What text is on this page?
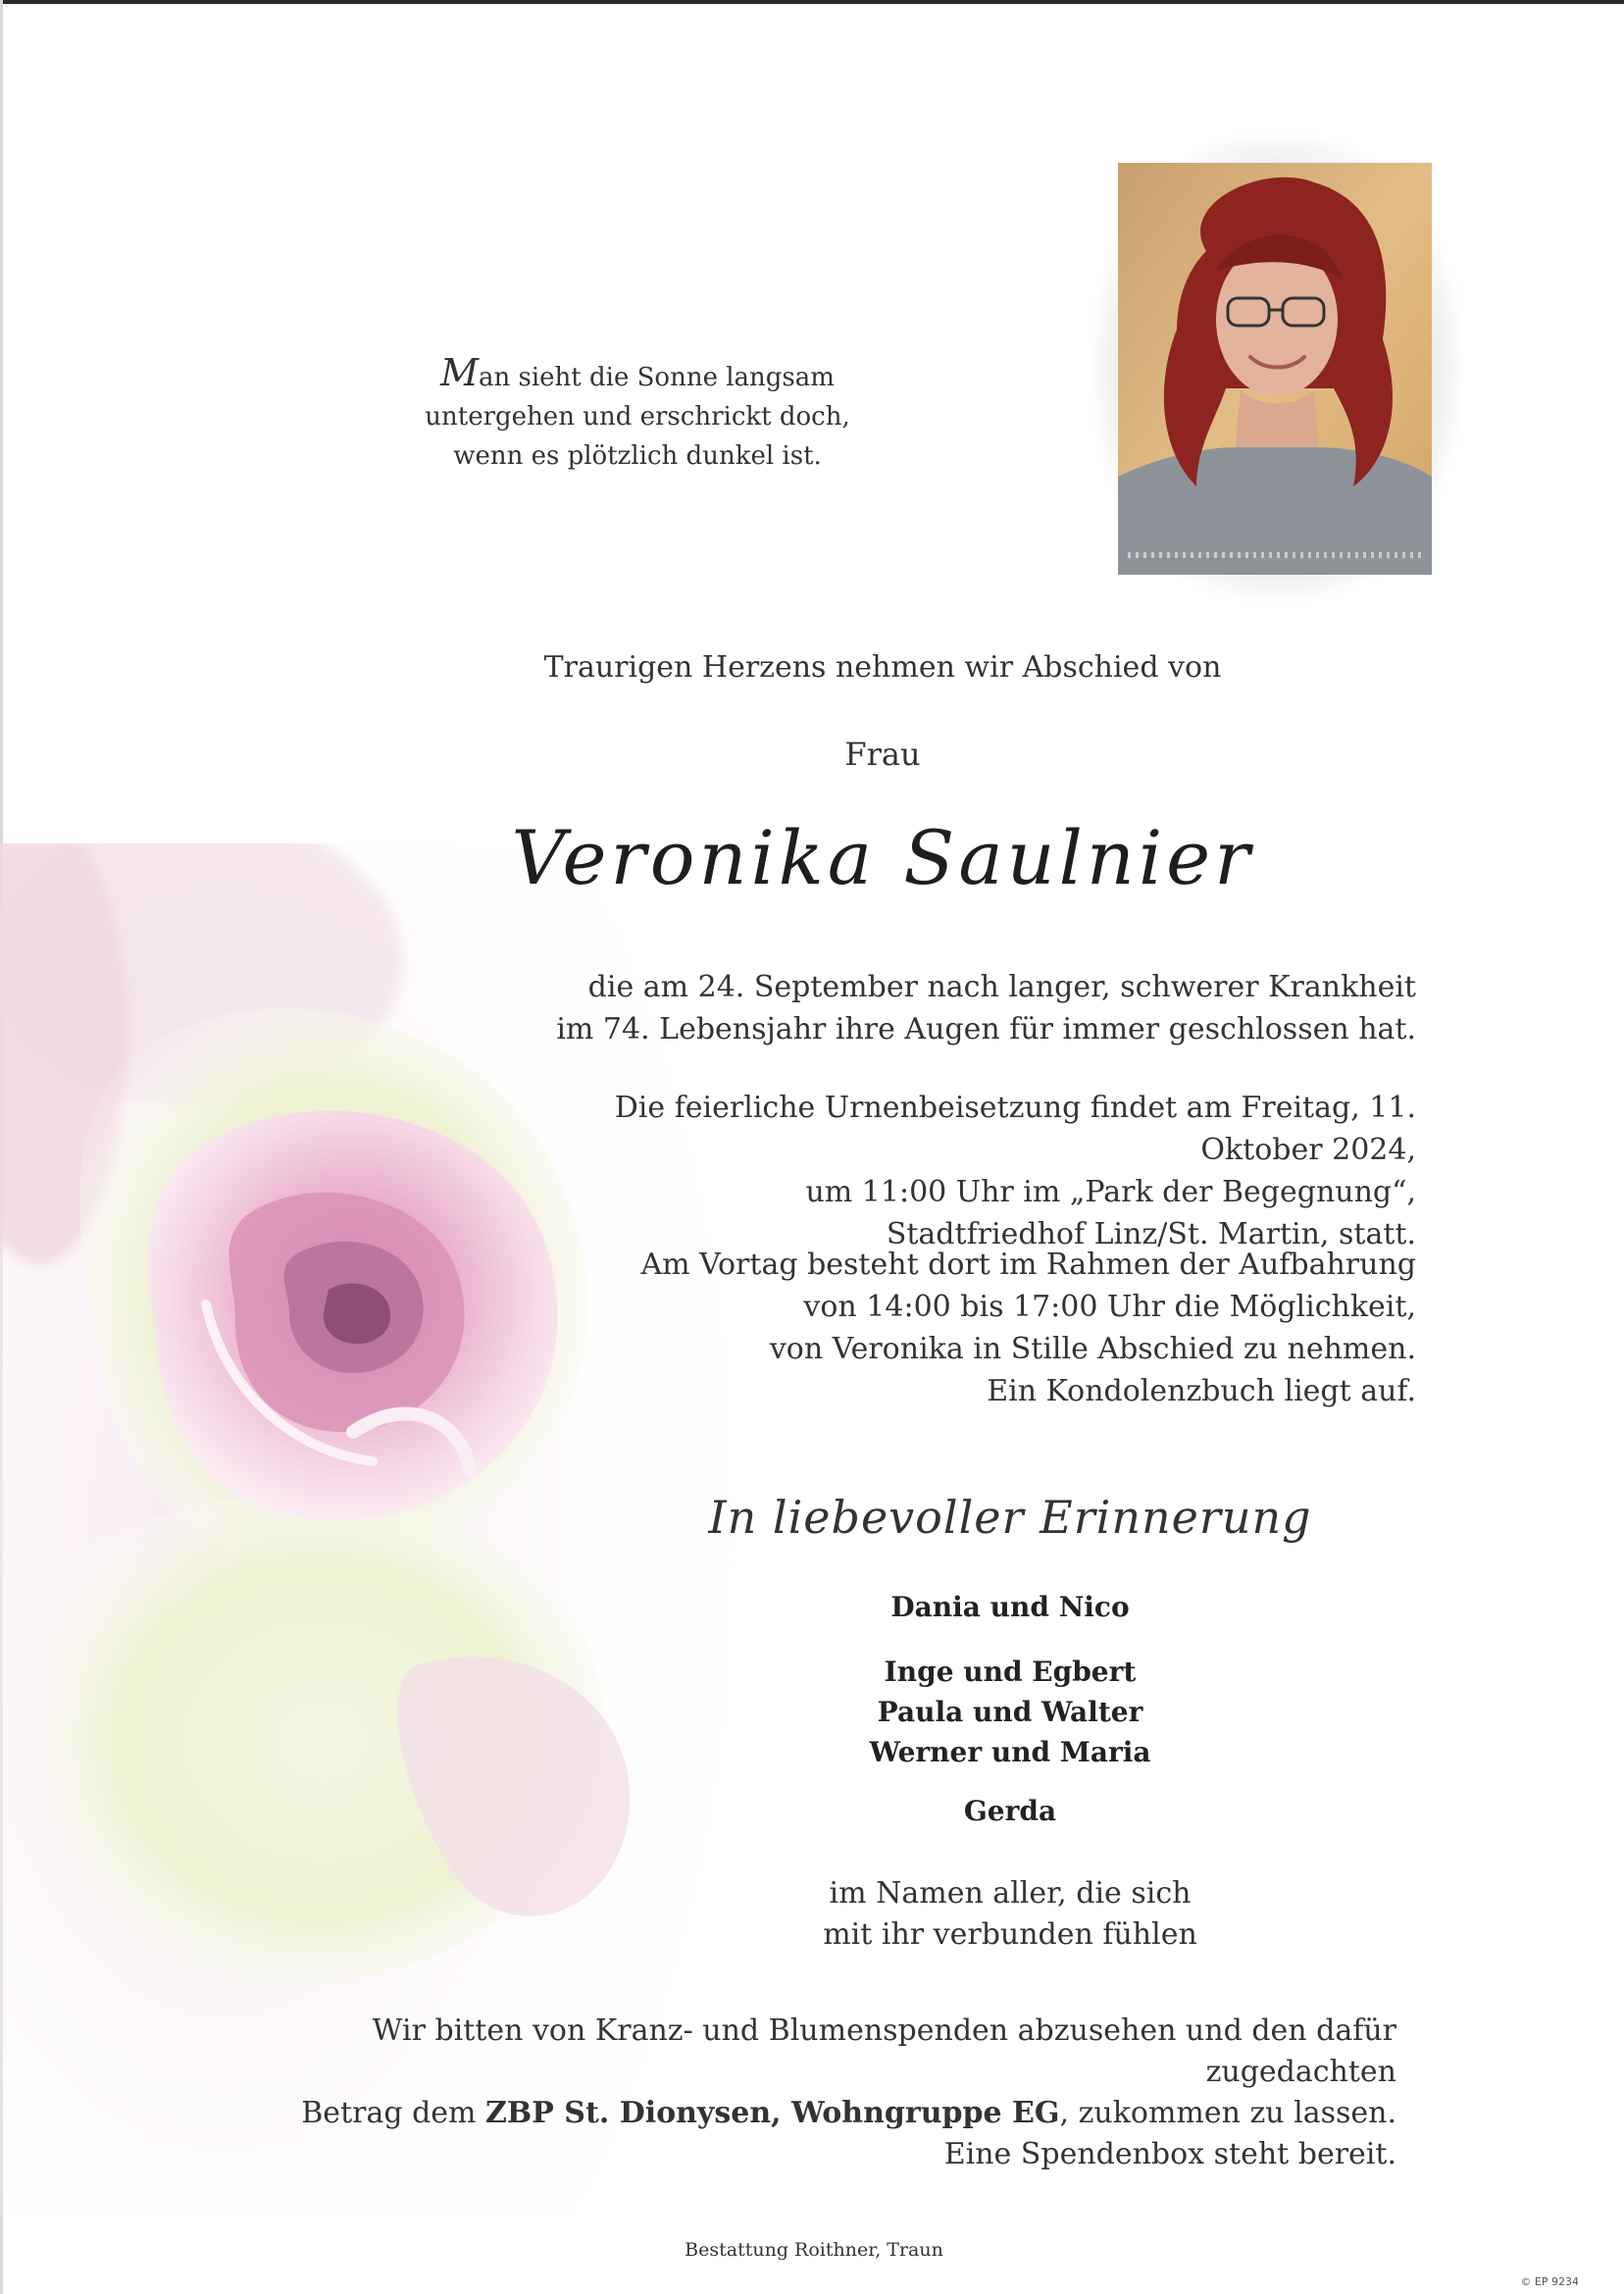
Man sieht die Sonne langsam
untergehen und erschrickt doch,
wenn es plötzlich dunkel ist.
Traurigen Herzens nehmen wir Abschied von
Frau
Veronika Saulnier
die am 24. September nach langer, schwerer Krankheit
im 74. Lebensjahr ihre Augen für immer geschlossen hat.
Die feierliche Urnenbeisetzung findet am Freitag, 11. Oktober 2024,
um 11:00 Uhr im „Park der Begegnung“,
Stadtfriedhof Linz/St. Martin, statt.
Am Vortag besteht dort im Rahmen der Aufbahrung
von 14:00 bis 17:00 Uhr die Möglichkeit,
von Veronika in Stille Abschied zu nehmen.
Ein Kondolenzbuch liegt auf.
In liebevoller Erinnerung
Dania und Nico
Inge und Egbert
Paula und Walter
Werner und Maria
Gerda
im Namen aller, die sich
mit ihr verbunden fühlen
Wir bitten von Kranz- und Blumenspenden abzusehen und den dafür zugedachten
Betrag dem ZBP St. Dionysen, Wohngruppe EG, zukommen zu lassen.
Eine Spendenbox steht bereit.
Bestattung Roithner, Traun
© EP 9234
